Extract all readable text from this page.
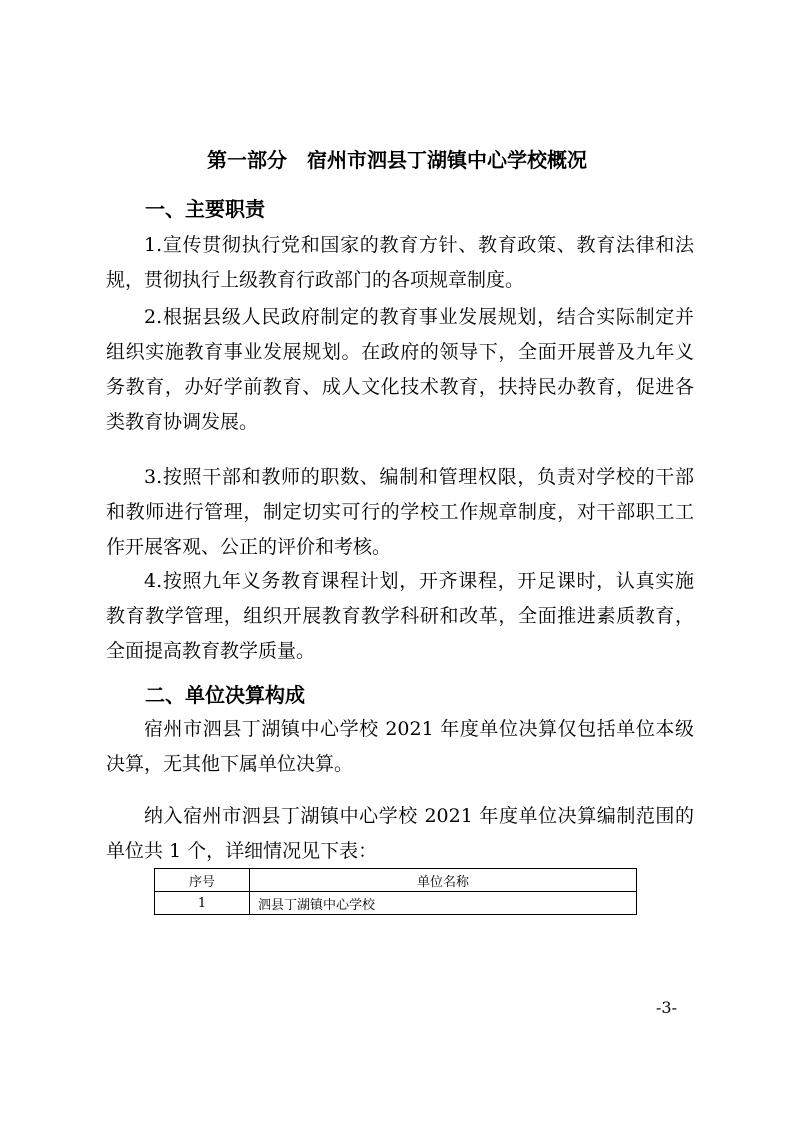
第一部分　宿州市泗县丁湖镇中心学校概况
一、主要职责

1.宣传贯彻执行党和国家的教育方针、教育政策、教育法律和法规，贯彻执行上级教育行政部门的各项规章制度。

2.根据县级人民政府制定的教育事业发展规划，结合实际制定并组织实施教育事业发展规划。在政府的领导下，全面开展普及九年义务教育，办好学前教育、成人文化技术教育，扶持民办教育，促进各类教育协调发展。

3.按照干部和教师的职数、编制和管理权限，负责对学校的干部和教师进行管理，制定切实可行的学校工作规章制度，对干部职工工作开展客观、公正的评价和考核。

4.按照九年义务教育课程计划，开齐课程，开足课时，认真实施教育教学管理，组织开展教育教学科研和改革，全面推进素质教育，全面提高教育教学质量。

二、单位决算构成

宿州市泗县丁湖镇中心学校 2021 年度单位决算仅包括单位本级决算，无其他下属单位决算。

纳入宿州市泗县丁湖镇中心学校 2021 年度单位决算编制范围的单位共 1 个，详细情况见下表：

序号	单位名称
1	泗县丁湖镇中心学校
-3-
